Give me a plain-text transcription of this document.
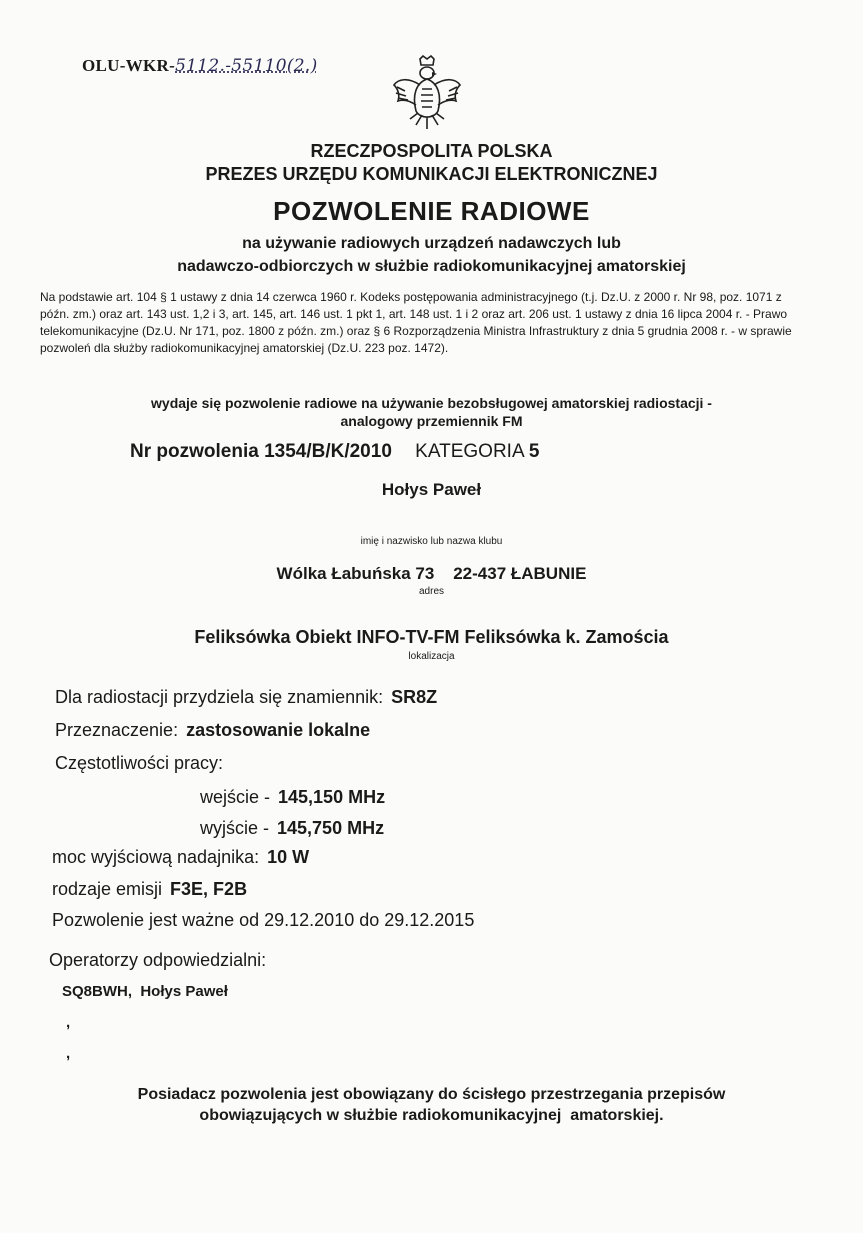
OLU-WKR-5112.-55110(2.)
RZECZPOSPOLITA POLSKA
PREZES URZĘDU KOMUNIKACJI ELEKTRONICZNEJ
POZWOLENIE RADIOWE
na używanie radiowych urządzeń nadawczych lub
nadawczo-odbiorczych w służbie radiokomunikacyjnej amatorskiej
Na podstawie art. 104 § 1 ustawy z dnia 14 czerwca 1960 r. Kodeks postępowania administracyjnego (t.j. Dz.U. z 2000 r. Nr 98, poz. 1071 z późn. zm.) oraz art. 143 ust. 1,2 i 3, art. 145, art. 146 ust. 1 pkt 1, art. 148 ust. 1 i 2 oraz art. 206 ust. 1 ustawy z dnia 16 lipca 2004 r. - Prawo telekomunikacyjne (Dz.U. Nr 171, poz. 1800 z późn. zm.) oraz § 6 Rozporządzenia Ministra Infrastruktury z dnia 5 grudnia 2008 r. - w sprawie pozwoleń dla służby radiokomunikacyjnej amatorskiej (Dz.U. 223 poz. 1472).
wydaje się pozwolenie radiowe na używanie bezobsługowej amatorskiej radiostacji -
analogowy przemiennik FM
Nr pozwolenia 1354/B/K/2010 KATEGORIA 5
Hołys Paweł
imię i nazwisko lub nazwa klubu
Wólka Łabuńska 73    22-437 ŁABUNIE
adres
Feliksówka Obiekt INFO-TV-FM Feliksówka k. Zamościa
lokalizacja
Dla radiostacji przydziela się znamiennik: SR8Z
Przeznaczenie: zastosowanie lokalne
Częstotliwości pracy:
wejście - 145,150 MHz
wyjście - 145,750 MHz
moc wyjściową nadajnika: 10 W
rodzaje emisji F3E, F2B
Pozwolenie jest ważne od 29.12.2010 do 29.12.2015
Operatorzy odpowiedzialni:
SQ8BWH,  Hołys Paweł
,
,
Posiadacz pozwolenia jest obowiązany do ścisłego przestrzegania przepisów
obowiązujących w służbie radiokomunikacyjnej  amatorskiej.
